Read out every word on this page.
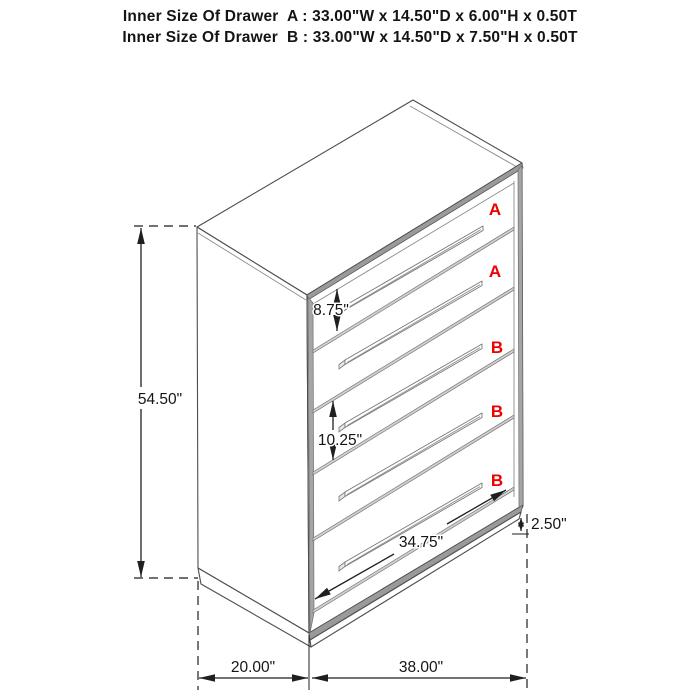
Inner Size Of Drawer  A : 33.00"W x 14.50"D x 6.00"H x 0.50T
Inner Size Of Drawer  B : 33.00"W x 14.50"D x 7.50"H x 0.50T
A
A
B
B
B
54.50"
8.75"
10.25"
2.50"
34.75"
20.00"	38.00"
